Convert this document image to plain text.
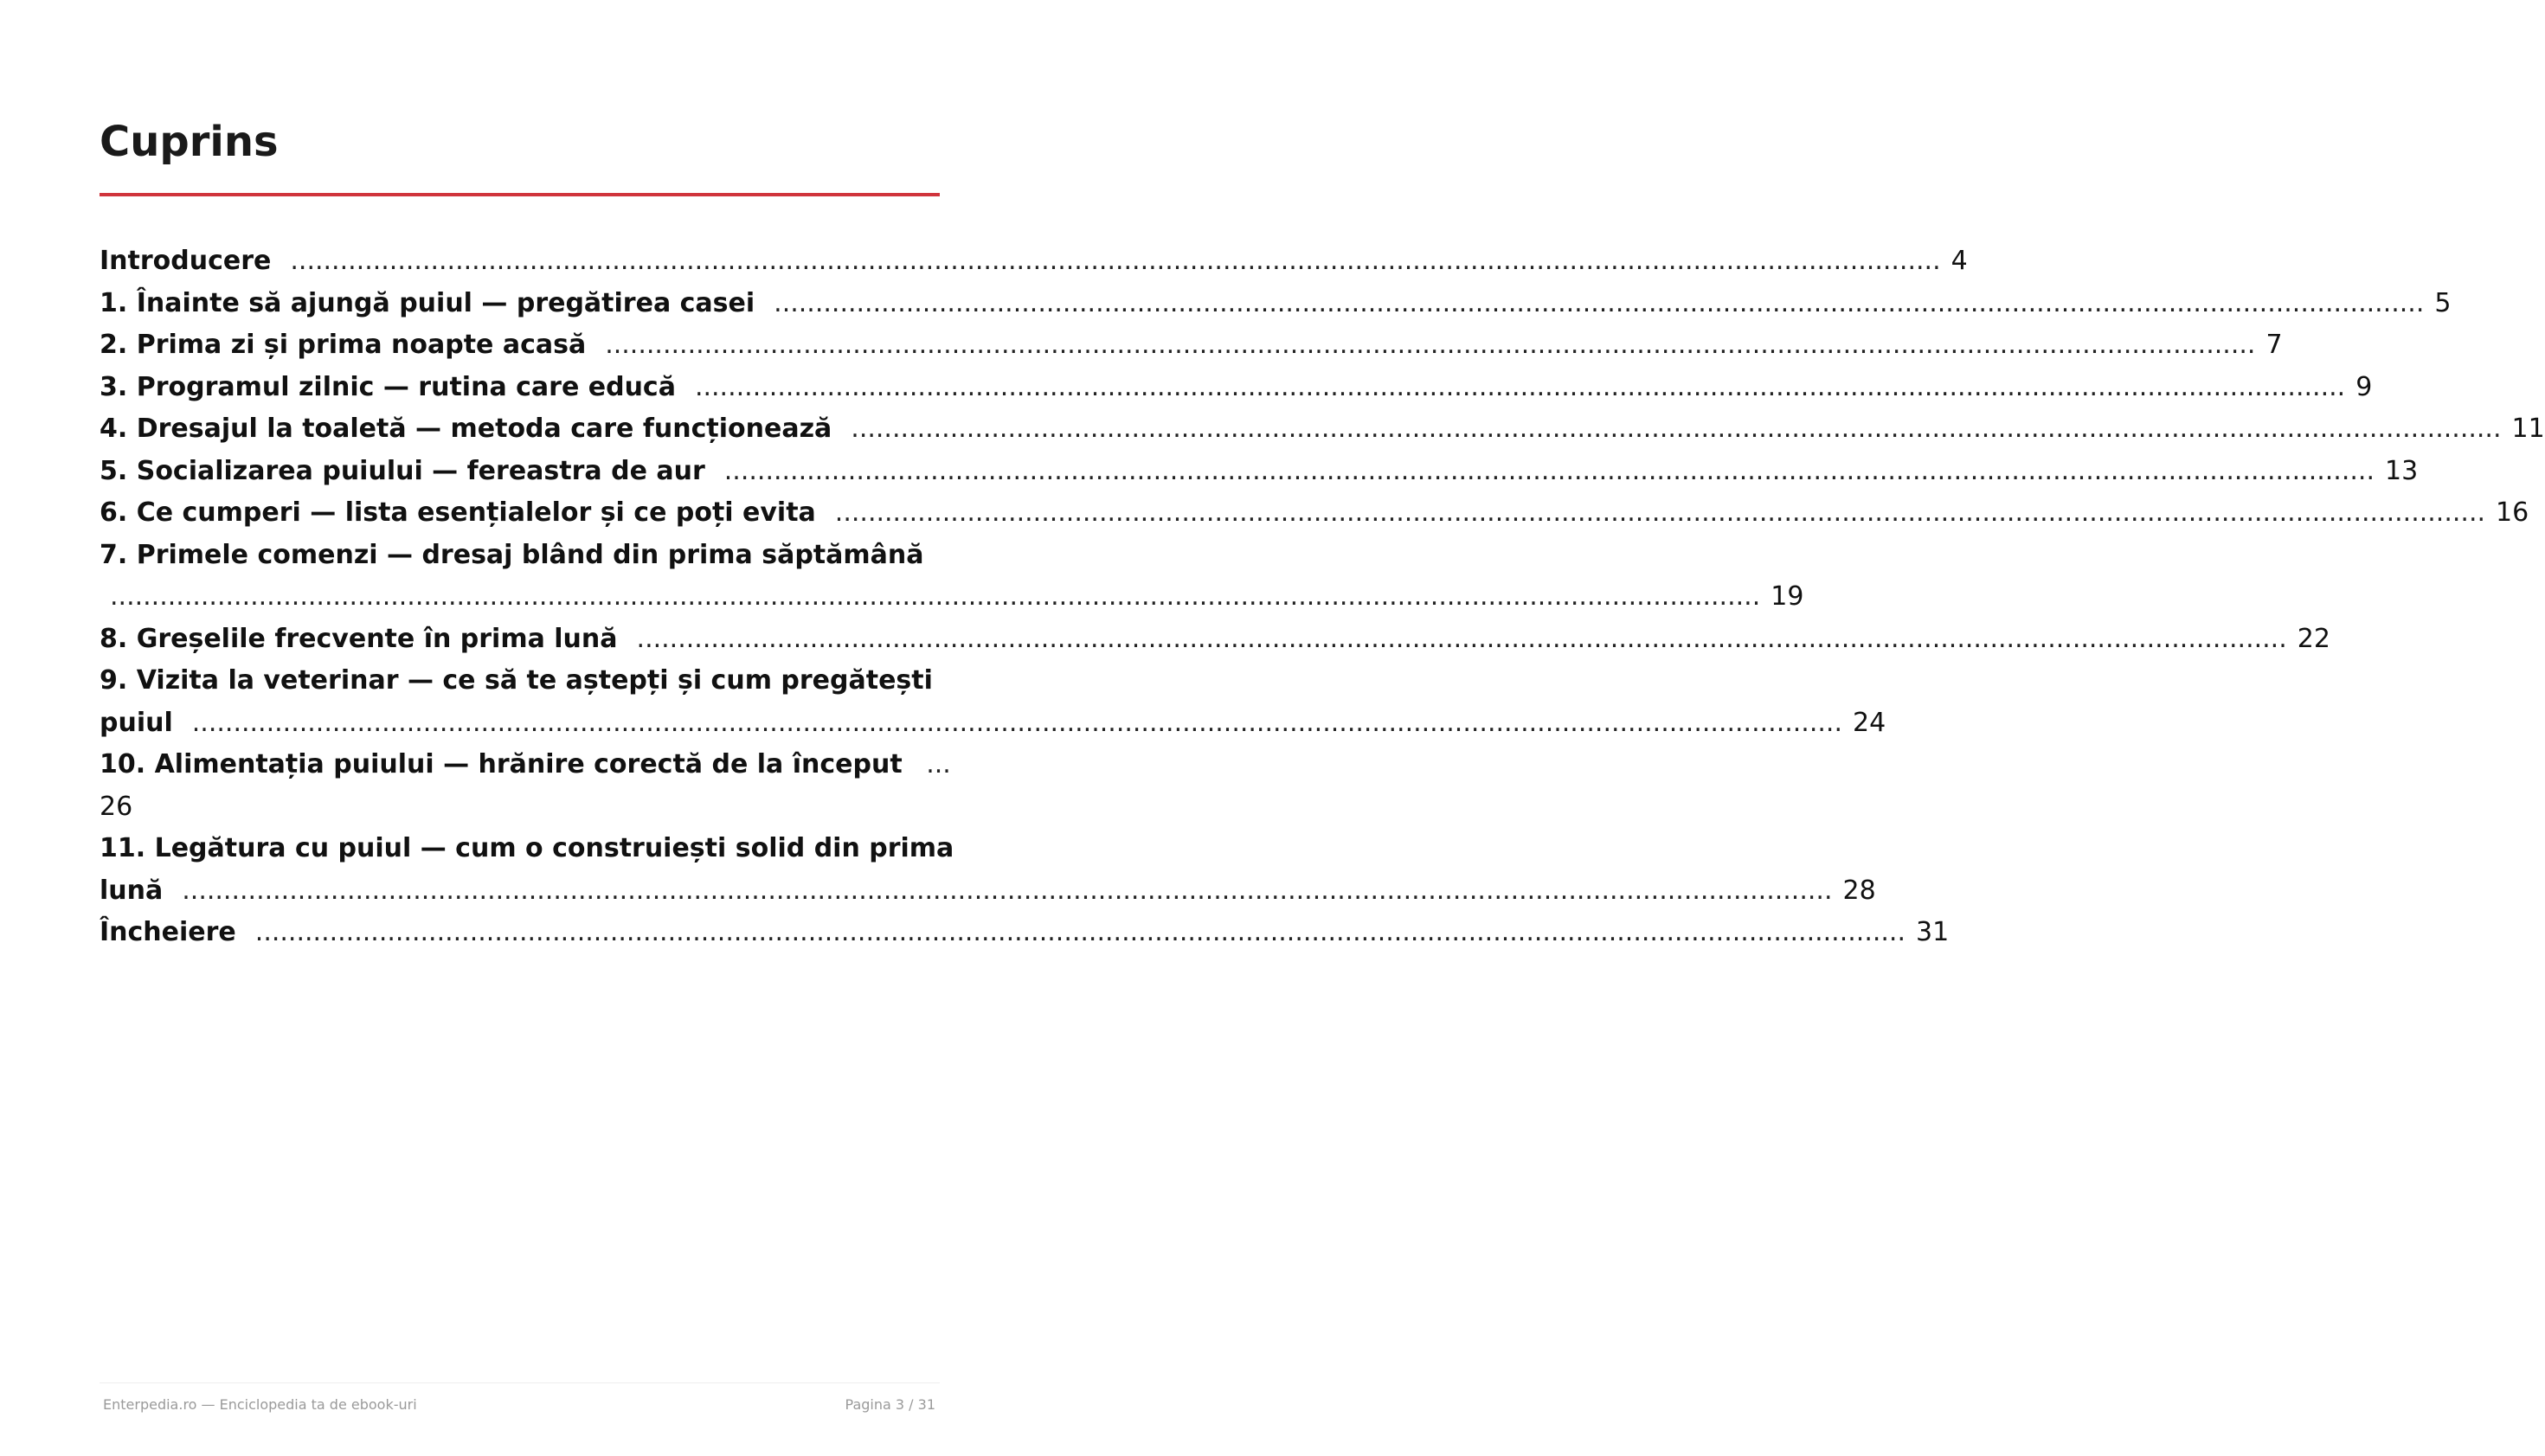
Cuprins
Introducere ........................................................................................................................................................................................................ 4
1. Înainte să ajungă puiul — pregătirea casei ........................................................................................................................................................................................................ 5
2. Prima zi și prima noapte acasă ........................................................................................................................................................................................................ 7
3. Programul zilnic — rutina care educă ........................................................................................................................................................................................................ 9
4. Dresajul la toaletă — metoda care funcționează ........................................................................................................................................................................................................ 11
5. Socializarea puiului — fereastra de aur ........................................................................................................................................................................................................ 13
6. Ce cumperi — lista esențialelor și ce poți evita ........................................................................................................................................................................................................ 16
7. Primele comenzi — dresaj blând din prima săptămână
........................................................................................................................................................................................................ 19
8. Greșelile frecvente în prima lună ........................................................................................................................................................................................................ 22
9. Vizita la veterinar — ce să te aștepți și cum pregătești
puiul ........................................................................................................................................................................................................ 24
10. Alimentația puiului — hrănire corectă de la început ...
26
11. Legătura cu puiul — cum o construiești solid din prima
lună ........................................................................................................................................................................................................ 28
Încheiere ........................................................................................................................................................................................................ 31
Enterpedia.ro — Enciclopedia ta de ebook-uri	Pagina 3 / 31
